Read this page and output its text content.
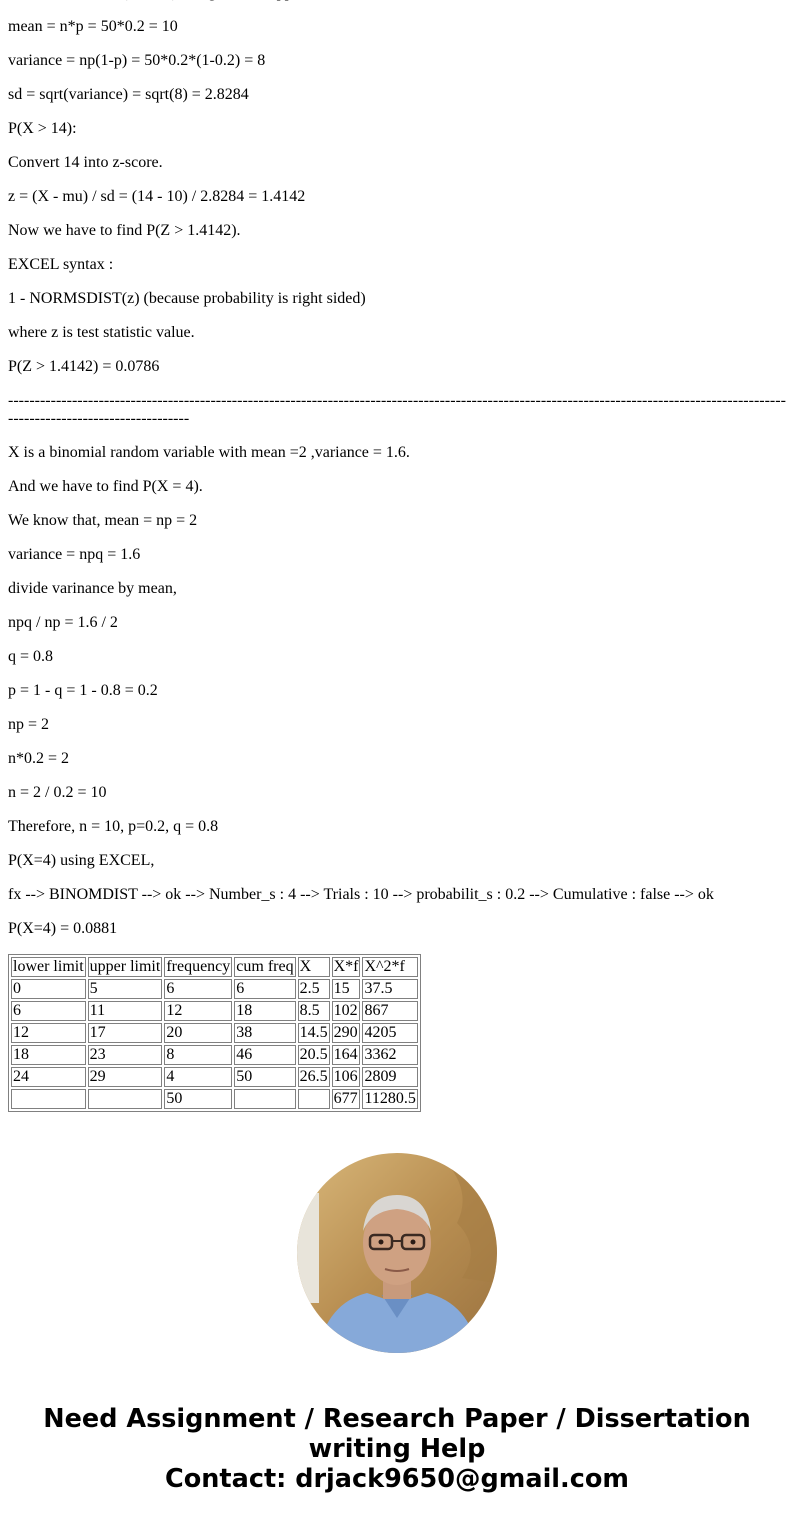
mean = n*p = 50*0.2 = 10

variance = np(1-p) = 50*0.2*(1-0.2) = 8

sd = sqrt(variance) = sqrt(8) = 2.8284

P(X > 14):

Convert 14 into z-score.

z = (X - mu) / sd = (14 - 10) / 2.8284 = 1.4142

Now we have to find P(Z > 1.4142).

EXCEL syntax :

1 - NORMSDIST(z) (because probability is right sided)

where z is test statistic value.

P(Z > 1.4142) = 0.0786

------------------------------------------------------------------------------------------------------------------------------------------------------------------------------------

X is a binomial random variable with mean =2 ,variance = 1.6.

And we have to find P(X = 4).

We know that, mean = np = 2

variance = npq = 1.6

divide varinance by mean,

npq / np = 1.6 / 2

q = 0.8

p = 1 - q = 1 - 0.8 = 0.2

np = 2

n*0.2 = 2

n = 2 / 0.2 = 10

Therefore, n = 10, p=0.2, q = 0.8

P(X=4) using EXCEL,

fx --> BINOMDIST --> ok --> Number_s : 4 --> Trials : 10 --> probabilit_s : 0.2 --> Cumulative : false --> ok

P(X=4) = 0.0881

lower limit	upper limit	frequency	cum freq	X	X*f	X^2*f
0	5	6	6	2.5	15	37.5
6	11	12	18	8.5	102	867
12	17	20	38	14.5	290	4205
18	23	8	46	20.5	164	3362
24	29	4	50	26.5	106	2809
		50			677	11280.5
Need Assignment / Research Paper / Dissertation
writing Help
Contact: drjack9650@gmail.com
